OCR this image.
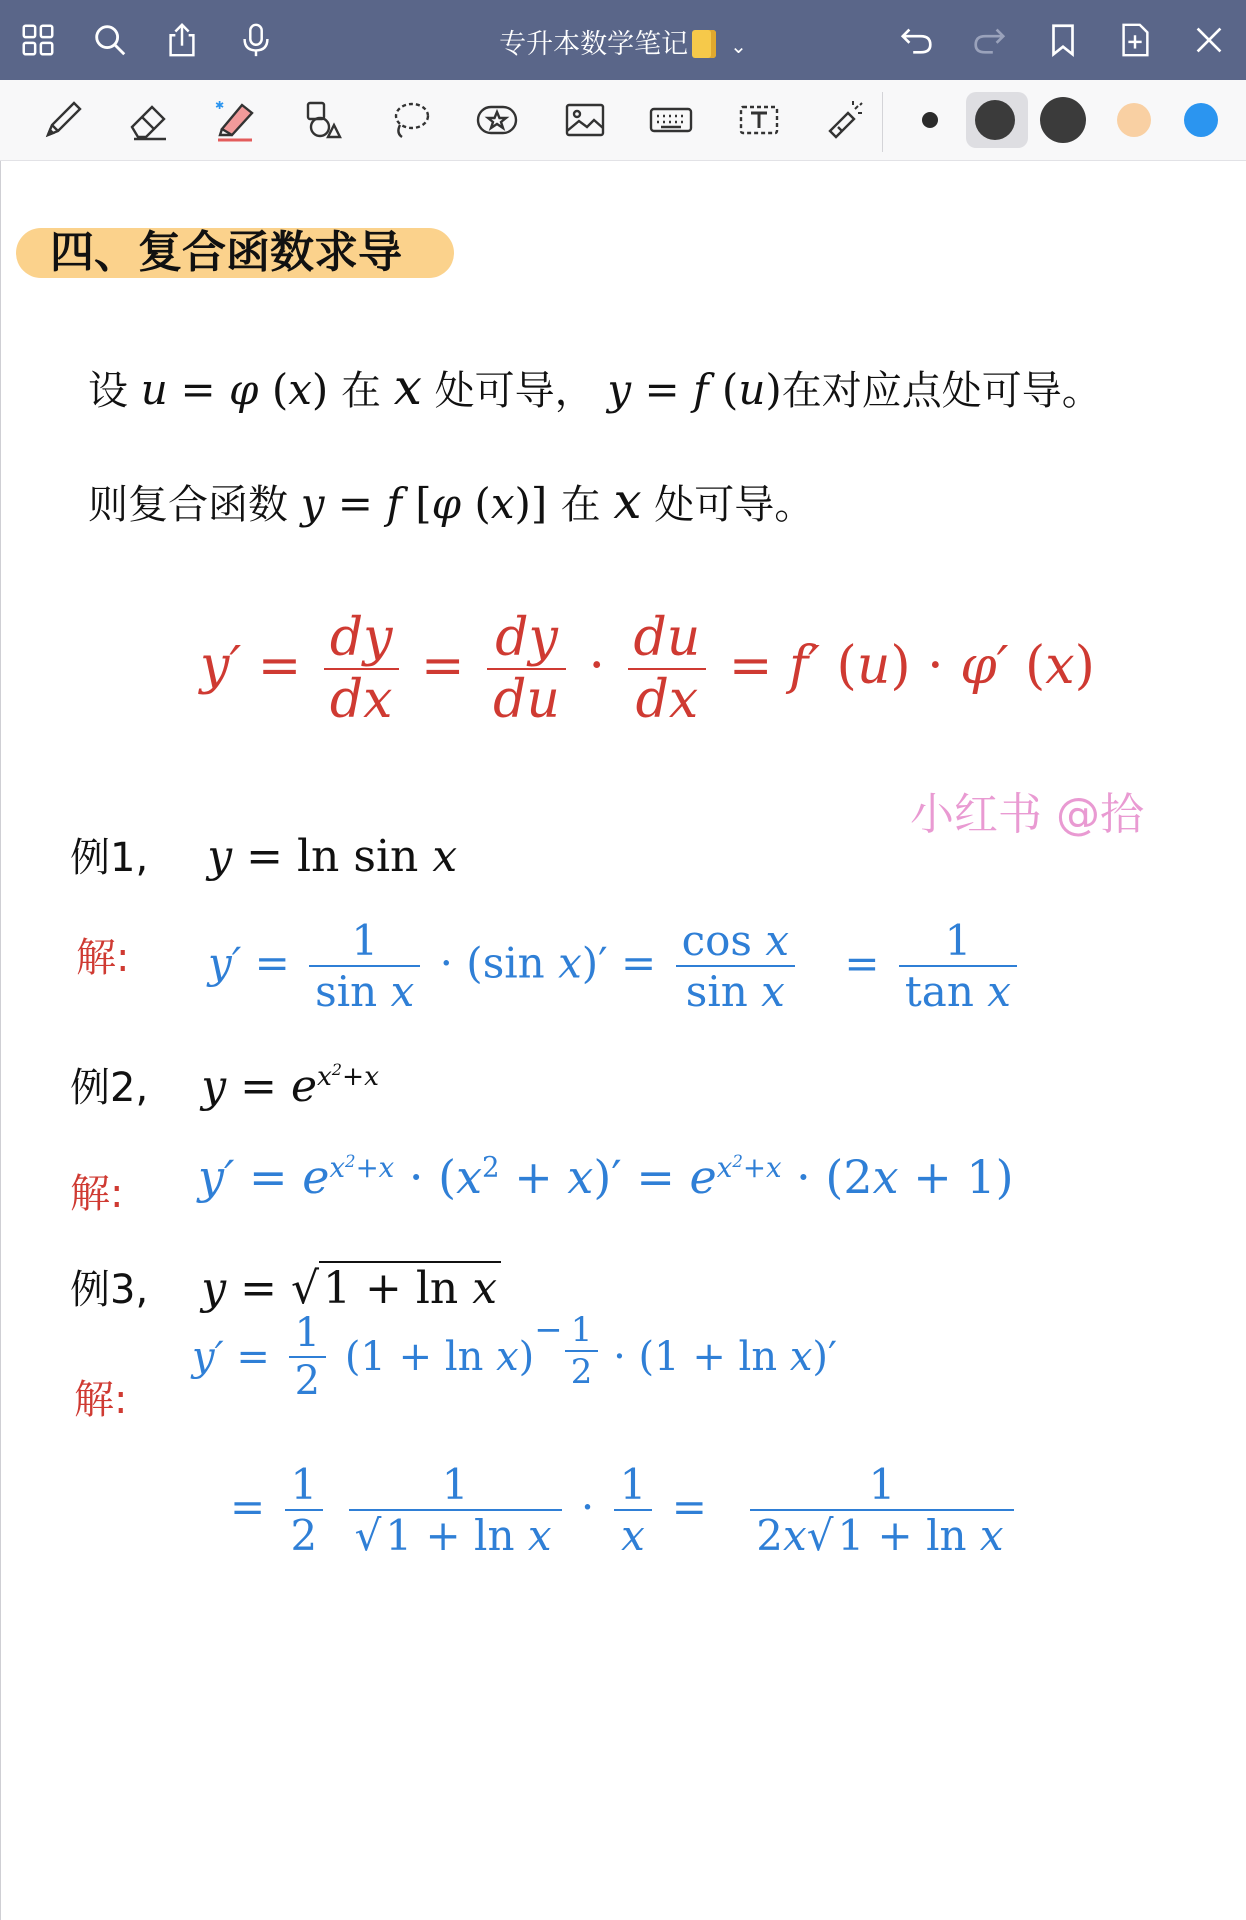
专升本数学笔记 ⌄
✱
四、复合函数求导
设 u = φ (x) 在 x 处可导， y = f (u)在对应点处可导。
则复合函数 y = f [φ (x)] 在 x 处可导。
$y' = \frac{dy}{dx} = \frac{dy}{du} \cdot \frac{du}{dx} = f'$ (u) · φ′ (x)
小红书 @拾
例1, y = ln sin x
解: $y' = \frac{1}{\text{sin x}} \cdot (\sin$ $x)' = \frac{\text{cos x}}{\text{sin x}} = \frac{1}{\text{tan x}}$
例2, $y = e^{x^2+x}$
解: $y' = e^{x^2+x} \cdot (x^2 + x)' = e^{x^2+x} \cdot (2x + 1)$
例3, y = √1 + ln x
解:
$y' = \frac{1}{2} (1 + \ln x)^{- \frac{1}{2}} \cdot (1 + \ln x)'$
= $\frac{1}{2}$
$\frac{1}{\text{√1 + ln x}} \cdot \frac{1}{x} = \frac{1}{\text{2x√1 + ln x}}$
